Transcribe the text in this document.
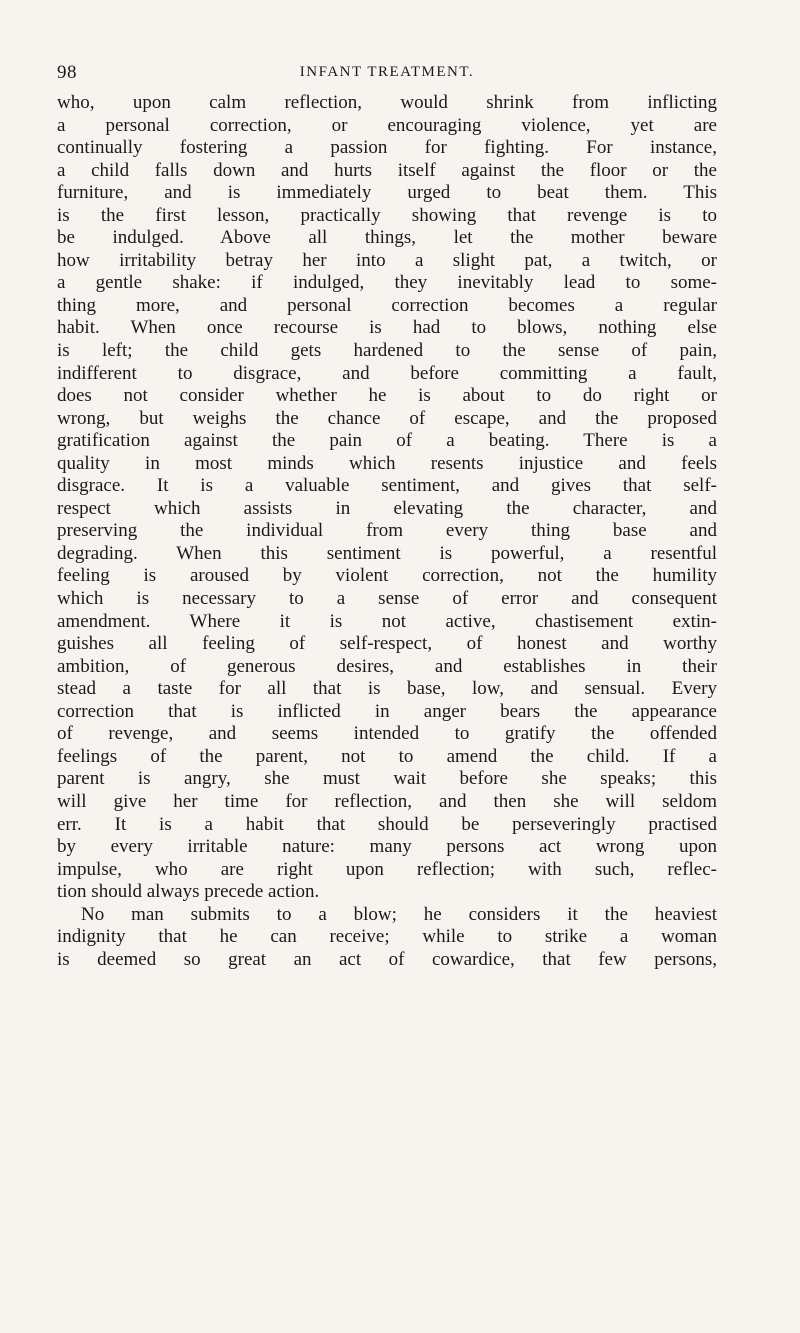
98	INFANT TREATMENT.
who, upon calm reflection, would shrink from inflicting
a personal correction, or encouraging violence, yet are
continually fostering a passion for fighting. For instance,
a child falls down and hurts itself against the floor or the
furniture, and is immediately urged to beat them. This
is the first lesson, practically showing that revenge is to
be indulged. Above all things, let the mother beware
how irritability betray her into a slight pat, a twitch, or
a gentle shake: if indulged, they inevitably lead to some-
thing more, and personal correction becomes a regular
habit. When once recourse is had to blows, nothing else
is left; the child gets hardened to the sense of pain,
indifferent to disgrace, and before committing a fault,
does not consider whether he is about to do right or
wrong, but weighs the chance of escape, and the proposed
gratification against the pain of a beating. There is a
quality in most minds which resents injustice and feels
disgrace. It is a valuable sentiment, and gives that self-
respect which assists in elevating the character, and
preserving the individual from every thing base and
degrading. When this sentiment is powerful, a resentful
feeling is aroused by violent correction, not the humility
which is necessary to a sense of error and consequent
amendment. Where it is not active, chastisement extin-
guishes all feeling of self-respect, of honest and worthy
ambition, of generous desires, and establishes in their
stead a taste for all that is base, low, and sensual. Every
correction that is inflicted in anger bears the appearance
of revenge, and seems intended to gratify the offended
feelings of the parent, not to amend the child. If a
parent is angry, she must wait before she speaks; this
will give her time for reflection, and then she will seldom
err. It is a habit that should be perseveringly practised
by every irritable nature: many persons act wrong upon
impulse, who are right upon reflection; with such, reflec-
tion should always precede action.
No man submits to a blow; he considers it the heaviest
indignity that he can receive; while to strike a woman
is deemed so great an act of cowardice, that few persons,
